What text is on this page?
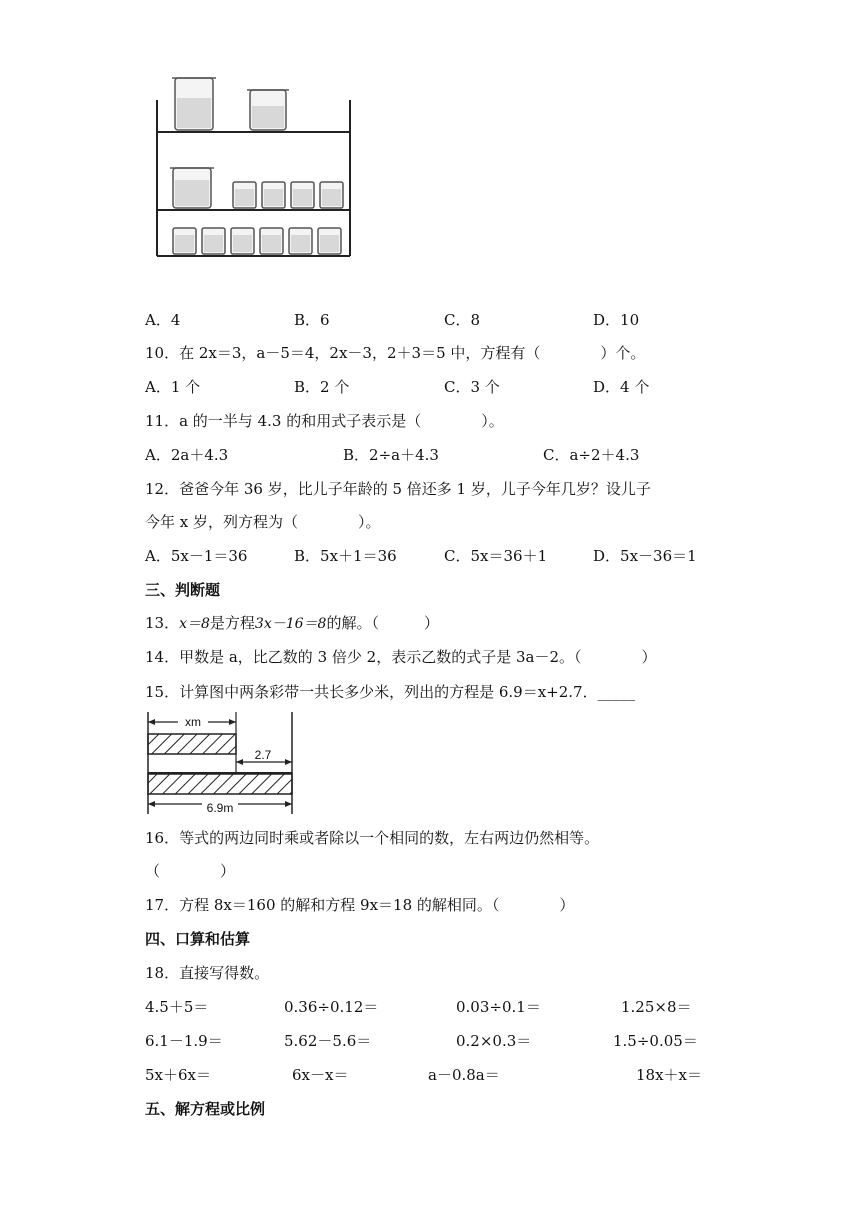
A．4	B．6	C．8	D．10
10．在 2x＝3，a－5＝4，2x－3，2＋3＝5 中，方程有（　　　　）个。
A．1 个	B．2 个	C．3 个	D．4 个
11．a 的一半与 4.3 的和用式子表示是（　　　　）。
A．2a＋4.3	B．2÷a＋4.3	C．a÷2＋4.3
12．爸爸今年 36 岁，比儿子年龄的 5 倍还多 1 岁，儿子今年几岁？设儿子
今年 x 岁，列方程为（　　　　）。
A．5x－1＝36	B．5x＋1＝36	C．5x＝36＋1	D．5x－36＝1
三、判断题
13．x＝8是方程3x－16＝8的解。（　　　）
14．甲数是 a，比乙数的 3 倍少 2，表示乙数的式子是 3a－2。（　　　　）
15．计算图中两条彩带一共长多少米，列出的方程是 6.9＝x+2.7．_____
xm
2.7
6.9m
16．等式的两边同时乘或者除以一个相同的数，左右两边仍然相等。
（　　　　）
17．方程 8x＝160 的解和方程 9x＝18 的解相同。（　　　　）
四、口算和估算
18．直接写得数。
4.5＋5＝	0.36÷0.12＝	0.03÷0.1＝	1.25×8＝
6.1－1.9＝	5.62－5.6＝	0.2×0.3＝	1.5÷0.05＝
5x＋6x＝	6x－x＝	a－0.8a＝	18x＋x＝
五、解方程或比例
